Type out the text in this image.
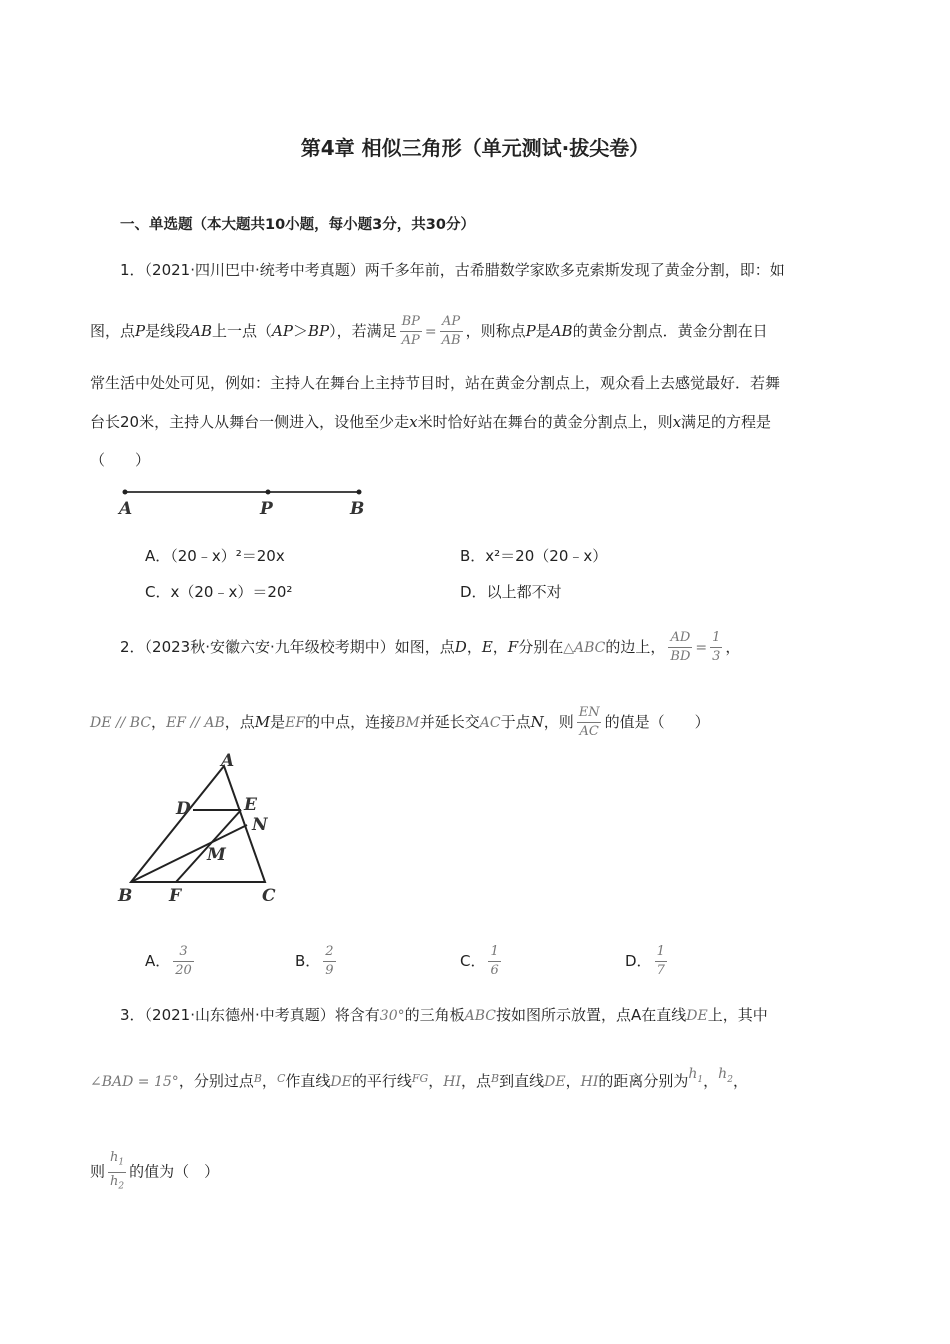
第4章 相似三角形（单元测试·拔尖卷）
一、单选题（本大题共10小题，每小题3分，共30分）
1．（2021·四川巴中·统考中考真题）两千多年前，古希腊数学家欧多克索斯发现了黄金分割，即：如
图，点P是线段AB上一点（AP＞BP），若满足 $\frac{BP}{AP} = \frac{AP}{AB}$ ，则称点P是AB的黄金分割点．黄金分割在日
常生活中处处可见，例如：主持人在舞台上主持节目时，站在黄金分割点上，观众看上去感觉最好．若舞
台长20米，主持人从舞台一侧进入，设他至少走x米时恰好站在舞台的黄金分割点上，则x满足的方程是
（　　）
A	P	B
A．（20﹣x）²＝20x	B．x²＝20（20﹣x）
C．x（20﹣x）＝20²	D．以上都不对
2．（2023秋·安徽六安·九年级校考期中）如图，点D，E，F分别在△ABC的边上， $\frac{AD}{BD} = \frac{1}{3}$ ，
DE // BC，EF // AB，点M是EF的中点，连接BM并延长交AC于点N，则 $\frac{EN}{AC}$ 的值是（　　）
A
D	E
N
M
B F	C
A． $\frac{3}{20}$	B． $\frac{2}{9}$	C． $\frac{1}{6}$	D． $\frac{1}{7}$
3．（2021·山东德州·中考真题）将含有30°的三角板ABC按如图所示放置，点A在直线DE上，其中
∠BAD = 15°，分别过点$^B$，$^C$作直线DE的平行线$^{FG}$，HI，点$^B$到直线DE，HI的距离分别为$h_1$，$h_2$，
则 $\frac{h_1}{h_2}$ 的值为（　）
